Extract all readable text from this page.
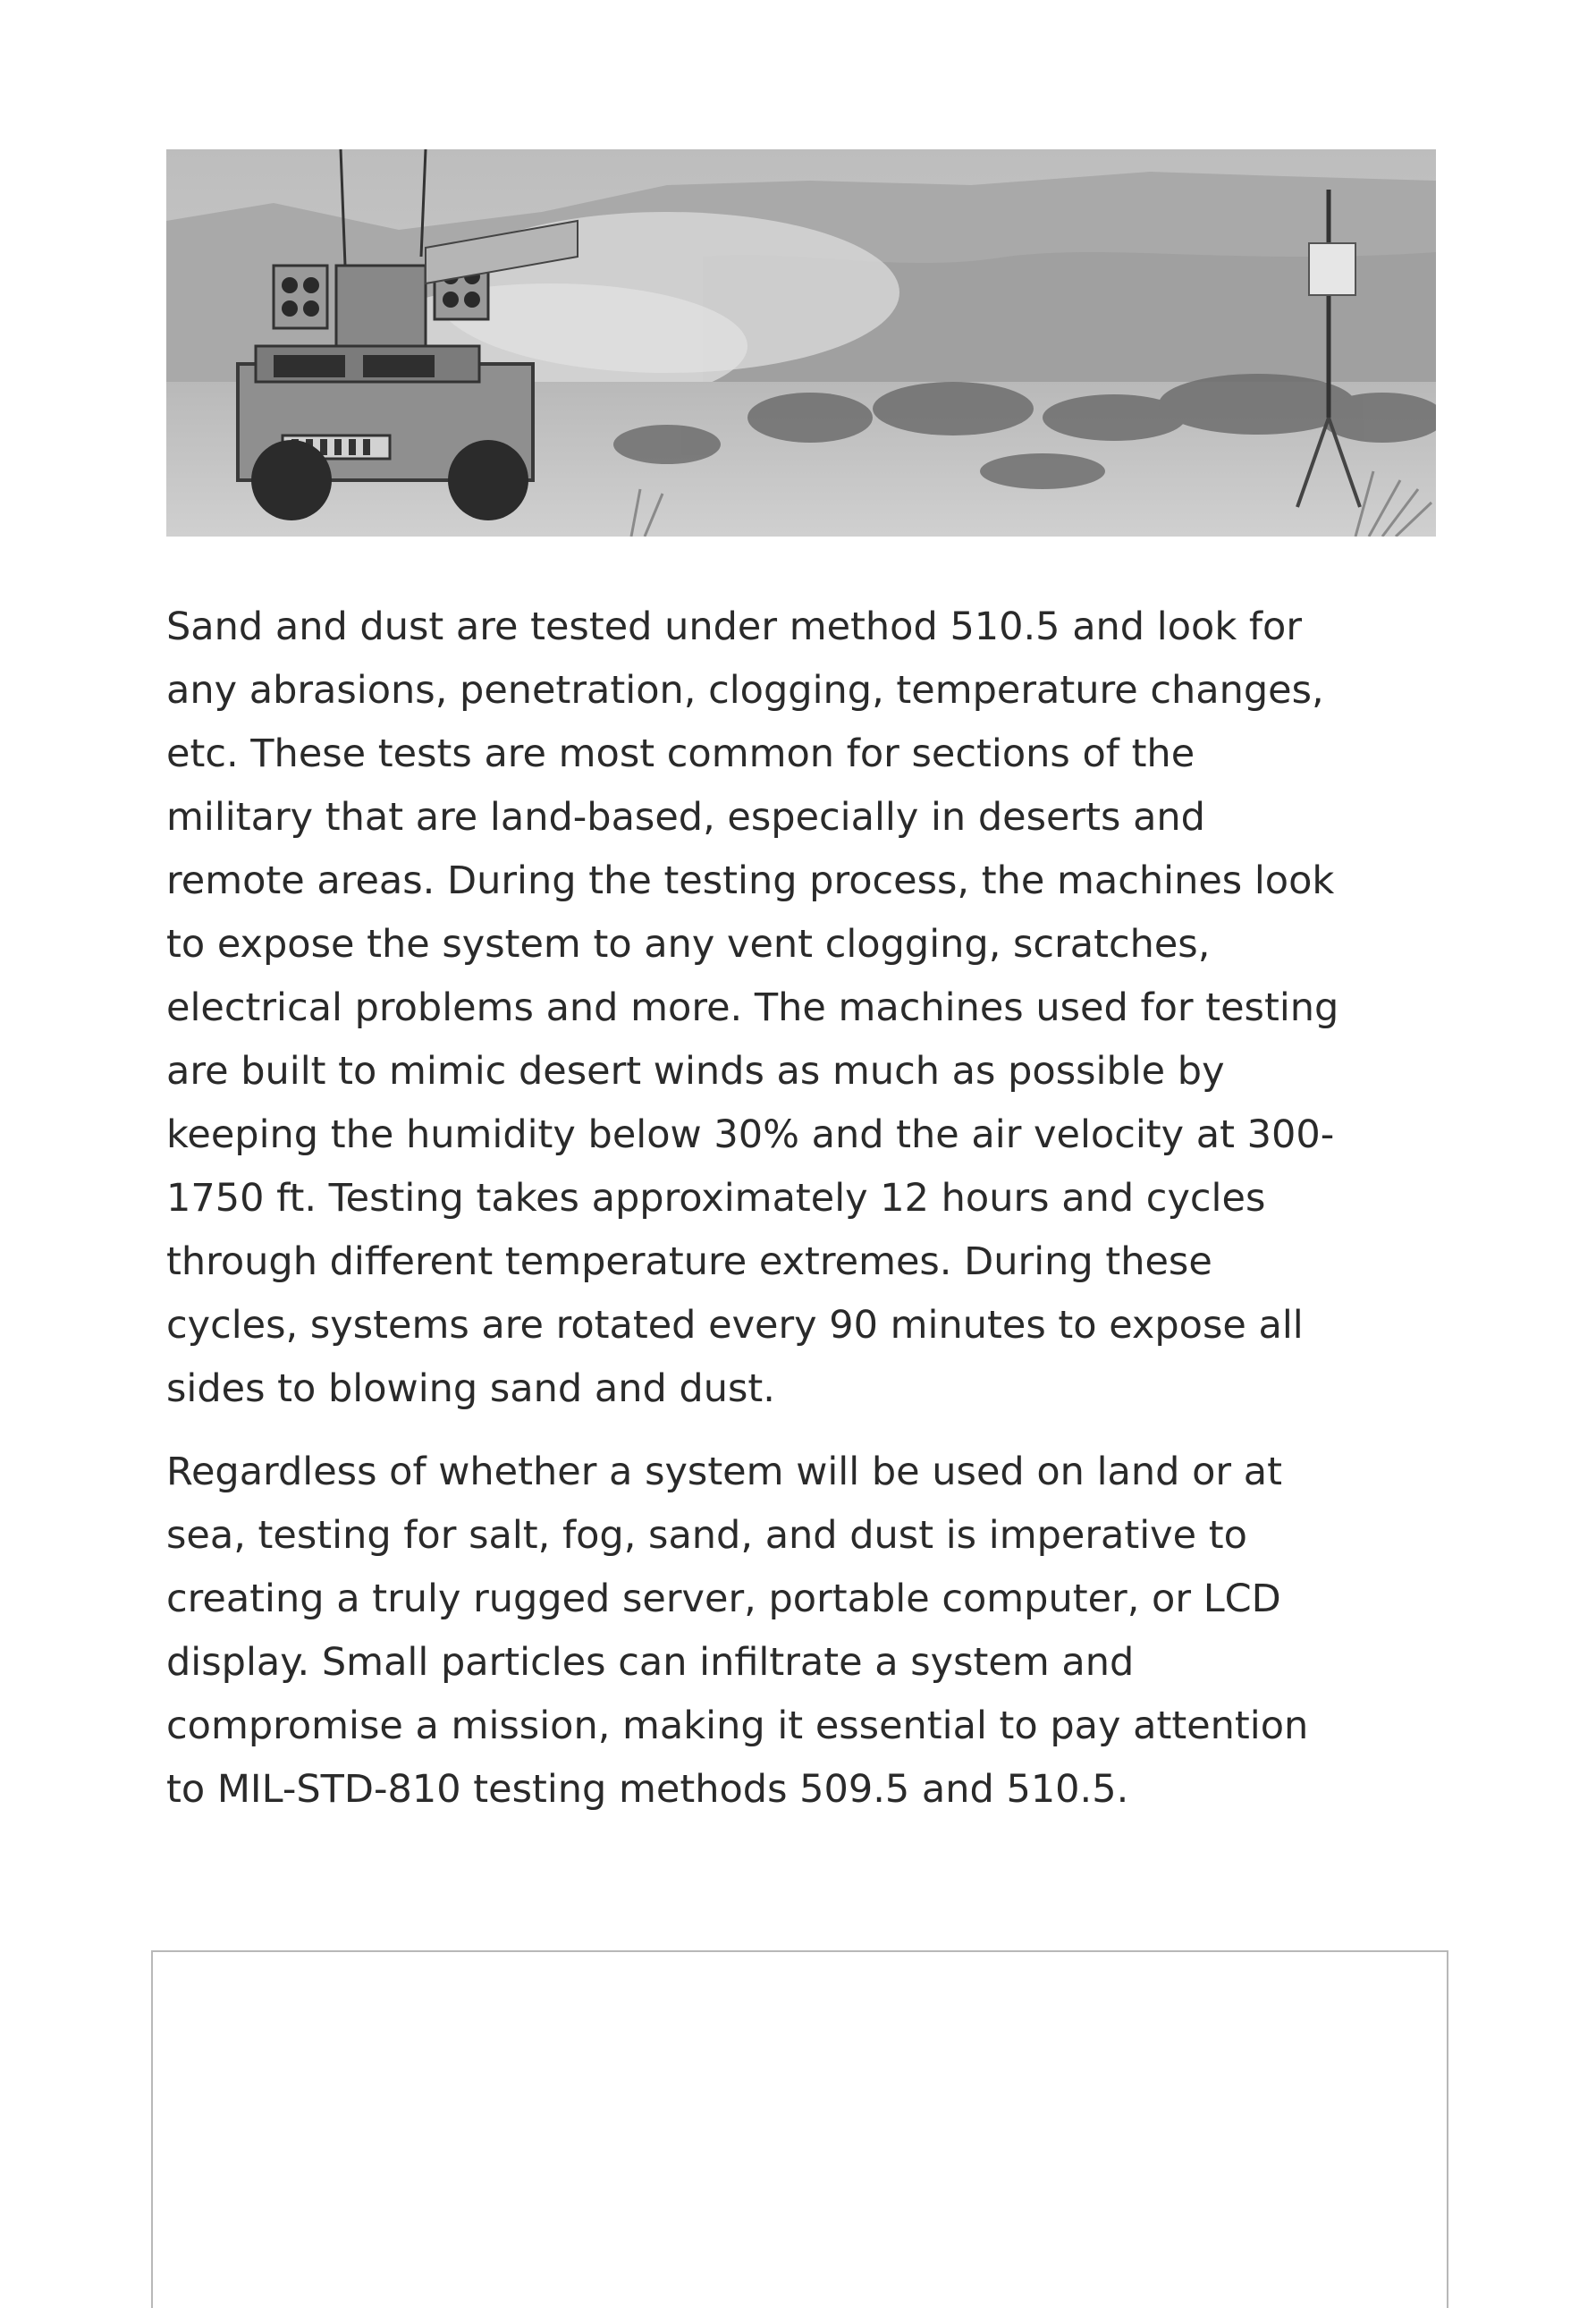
Sand and dust are tested under method 510.5 and look for
any abrasions, penetration, clogging, temperature changes,
etc. These tests are most common for sections of the
military that are land-based, especially in deserts and
remote areas. During the testing process, the machines look
to expose the system to any vent clogging, scratches,
electrical problems and more. The machines used for testing
are built to mimic desert winds as much as possible by
keeping the humidity below 30% and the air velocity at 300-
1750 ft. Testing takes approximately 12 hours and cycles
through different temperature extremes. During these
cycles, systems are rotated every 90 minutes to expose all
sides to blowing sand and dust.

Regardless of whether a system will be used on land or at
sea, testing for salt, fog, sand, and dust is imperative to
creating a truly rugged server, portable computer, or LCD
display. Small particles can infiltrate a system and
compromise a mission, making it essential to pay attention
to MIL-STD-810 testing methods 509.5 and 510.5.
